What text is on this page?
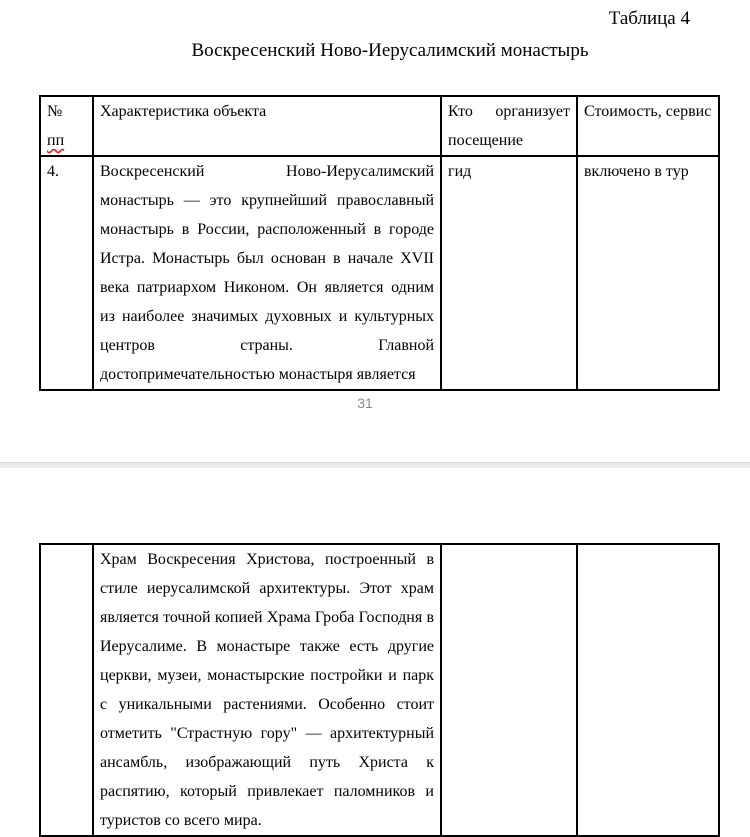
Таблица 4
Воскресенский Ново-Иерусалимский монастырь
№
пп	Характеристика объекта	Кто организует посещение	Стоимость, сервис
4.	Воскресенский Ново-Иерусалимский монастырь — это крупнейший православный монастырь в России, расположенный в городе Истра. Монастырь был основан в начале XVII века патриархом Никоном. Он является одним из наиболее значимых духовных и культурных центров страны. Главной достопримечательностью монастыря является	гид	включено в тур
31
	Храм Воскресения Христова, построенный в стиле иерусалимской архитектуры. Этот храм является точной копией Храма Гроба Господня в Иерусалиме. В монастыре также есть другие церкви, музеи, монастырские постройки и парк с уникальными растениями. Особенно стоит отметить "Страстную гору" — архитектурный ансамбль, изображающий путь Христа к распятию, который привлекает паломников и туристов со всего мира.		
